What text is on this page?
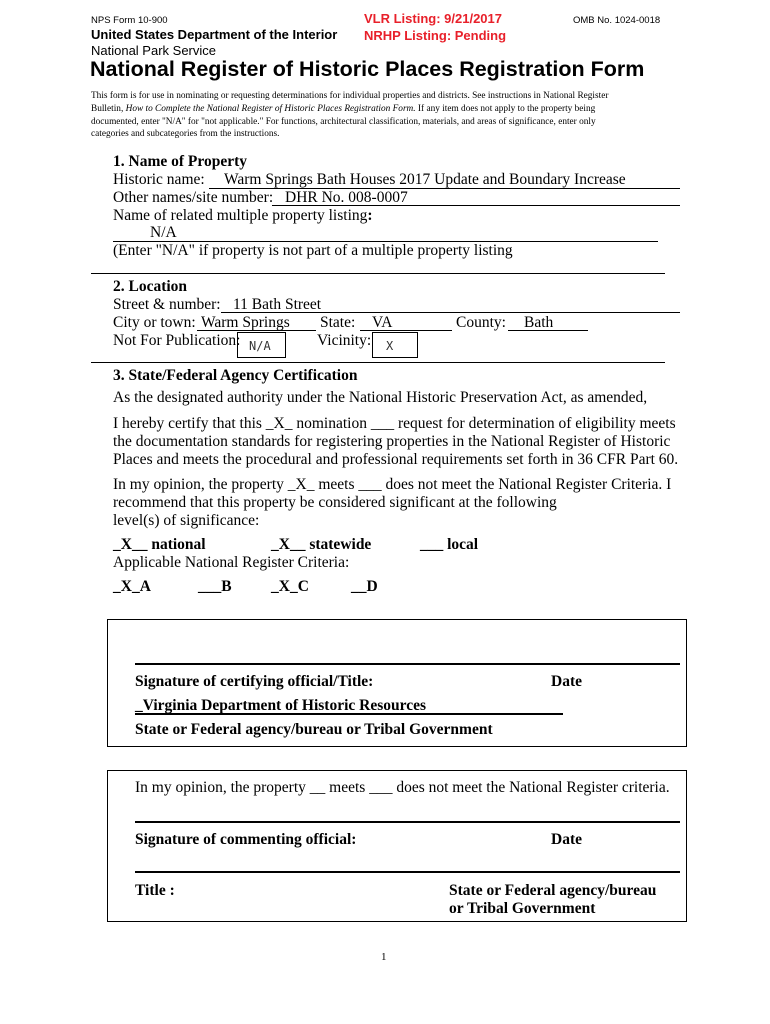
NPS Form 10-900	VLR Listing: 9/21/2017	OMB No. 1024-0018
United States Department of the Interior NRHP Listing: Pending
National Park Service
National Register of Historic Places Registration Form
This form is for use in nominating or requesting determinations for individual properties and districts. See instructions in National Register
Bulletin, How to Complete the National Register of Historic Places Registration Form. If any item does not apply to the property being
documented, enter "N/A" for "not applicable." For functions, architectural classification, materials, and areas of significance, enter only
categories and subcategories from the instructions.
1. Name of Property
Historic name: Warm Springs Bath Houses 2017 Update and Boundary Increase
Other names/site number: DHR No. 008-0007
Name of related multiple property listing:
N/A
(Enter "N/A" if property is not part of a multiple property listing
2. Location
Street & number: 11 Bath Street
City or town: Warm Springs State: VA	County: Bath
Not For Publication: N/A	Vicinity:	X
3. State/Federal Agency Certification
As the designated authority under the National Historic Preservation Act, as amended,
I hereby certify that this _X_ nomination ___ request for determination of eligibility meets
the documentation standards for registering properties in the National Register of Historic
Places and meets the procedural and professional requirements set forth in 36 CFR Part 60.
In my opinion, the property _X_ meets ___ does not meet the National Register Criteria. I
recommend that this property be considered significant at the following
level(s) of significance:
_X__ national	_X__ statewide	___ local
Applicable National Register Criteria:
_X_A	___B	_X_C	__D
Signature of certifying official/Title:	Date
_Virginia Department of Historic Resources
State or Federal agency/bureau or Tribal Government
In my opinion, the property __ meets ___ does not meet the National Register criteria.
Signature of commenting official:	Date
Title :	State or Federal agency/bureau
or Tribal Government
1
